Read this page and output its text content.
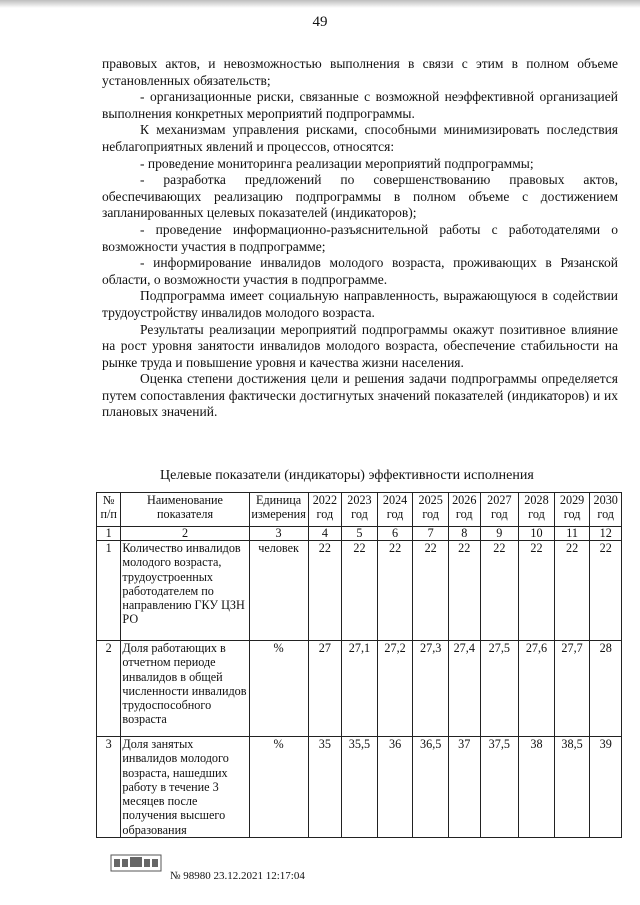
49

правовых актов, и невозможностью выполнения в связи с этим в полном объеме установленных обязательств;

- организационные риски, связанные с возможной неэффективной организацией выполнения конкретных мероприятий подпрограммы.

К механизмам управления рисками, способными минимизировать последствия неблагоприятных явлений и процессов, относятся:

- проведение мониторинга реализации мероприятий подпрограммы;

- разработка предложений по совершенствованию правовых актов, обеспечивающих реализацию подпрограммы в полном объеме с достижением запланированных целевых показателей (индикаторов);

- проведение информационно-разъяснительной работы с работодателями о возможности участия в подпрограмме;

- информирование инвалидов молодого возраста, проживающих в Рязанской области, о возможности участия в подпрограмме.

Подпрограмма имеет социальную направленность, выражающуюся в содействии трудоустройству инвалидов молодого возраста.

Результаты реализации мероприятий подпрограммы окажут позитивное влияние на рост уровня занятости инвалидов молодого возраста, обеспечение стабильности на рынке труда и повышение уровня и качества жизни населения.

Оценка степени достижения цели и решения задачи подпрограммы определяется путем сопоставления фактически достигнутых значений показателей (индикаторов) и их плановых значений.

Целевые показатели (индикаторы) эффективности исполнения
№ п/п	Наименование показателя	Единица измерения	2022 год	2023 год	2024 год	2025 год	2026 год	2027 год	2028 год	2029 год	2030 год
1	2	3	4	5	6	7	8	9	10	11	12
1	Количество инвалидов молодого возраста, трудоустроенных работодателем по направлению ГКУ ЦЗН РО	человек	22	22	22	22	22	22	22	22	22
2	Доля работающих в отчетном периоде инвалидов в общей численности инвалидов трудоспособного возраста	%	27	27,1	27,2	27,3	27,4	27,5	27,6	27,7	28
3	Доля занятых инвалидов молодого возраста, нашедших работу в течение 3 месяцев после получения высшего образования	%	35	35,5	36	36,5	37	37,5	38	38,5	39
№ 98980 23.12.2021 12:17:04
